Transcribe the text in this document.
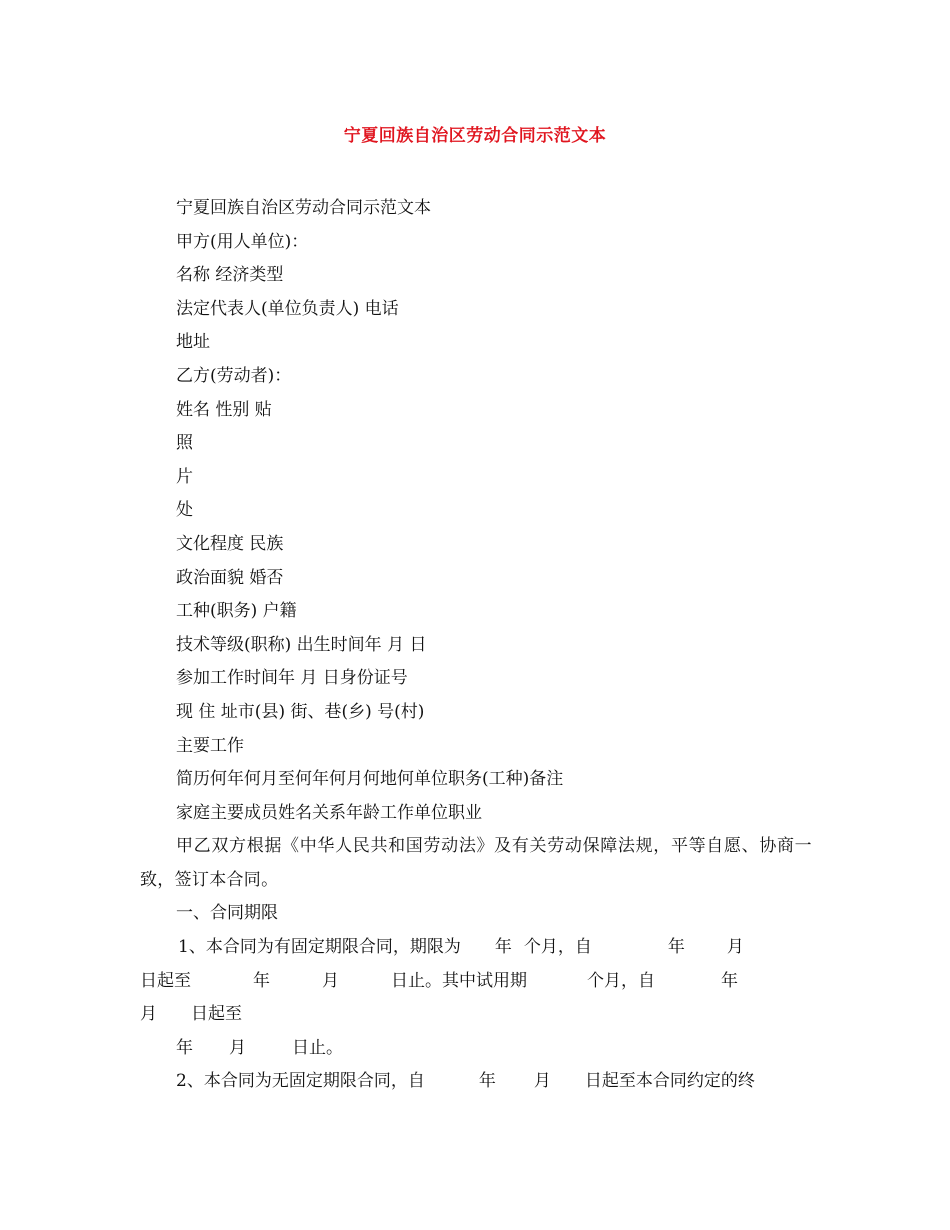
宁夏回族自治区劳动合同示范文本

宁夏回族自治区劳动合同示范文本

甲方(用人单位)：

名称 经济类型

法定代表人(单位负责人) 电话

地址

乙方(劳动者)：

姓名 性别 贴

照

片

处

文化程度 民族

政治面貌 婚否

工种(职务) 户籍

技术等级(职称) 出生时间年 月 日

参加工作时间年 月 日身份证号

现 住 址市(县) 街、巷(乡) 号(村)

主要工作

简历何年何月至何年何月何地何单位职务(工种)备注

家庭主要成员姓名关系年龄工作单位职业

甲乙双方根据《中华人民共和国劳动法》及有关劳动保障法规，平等自愿、协商一致，签订本合同。

一、合同期限

1、本合同为有固定期限合同，期限为 年 个月，自	年 月

日起至	年	月	日止。其中试用期	个月，自	年

月 日起至

年 月	日止。

2、本合同为无固定期限合同，自	年 月 日起至本合同约定的终
